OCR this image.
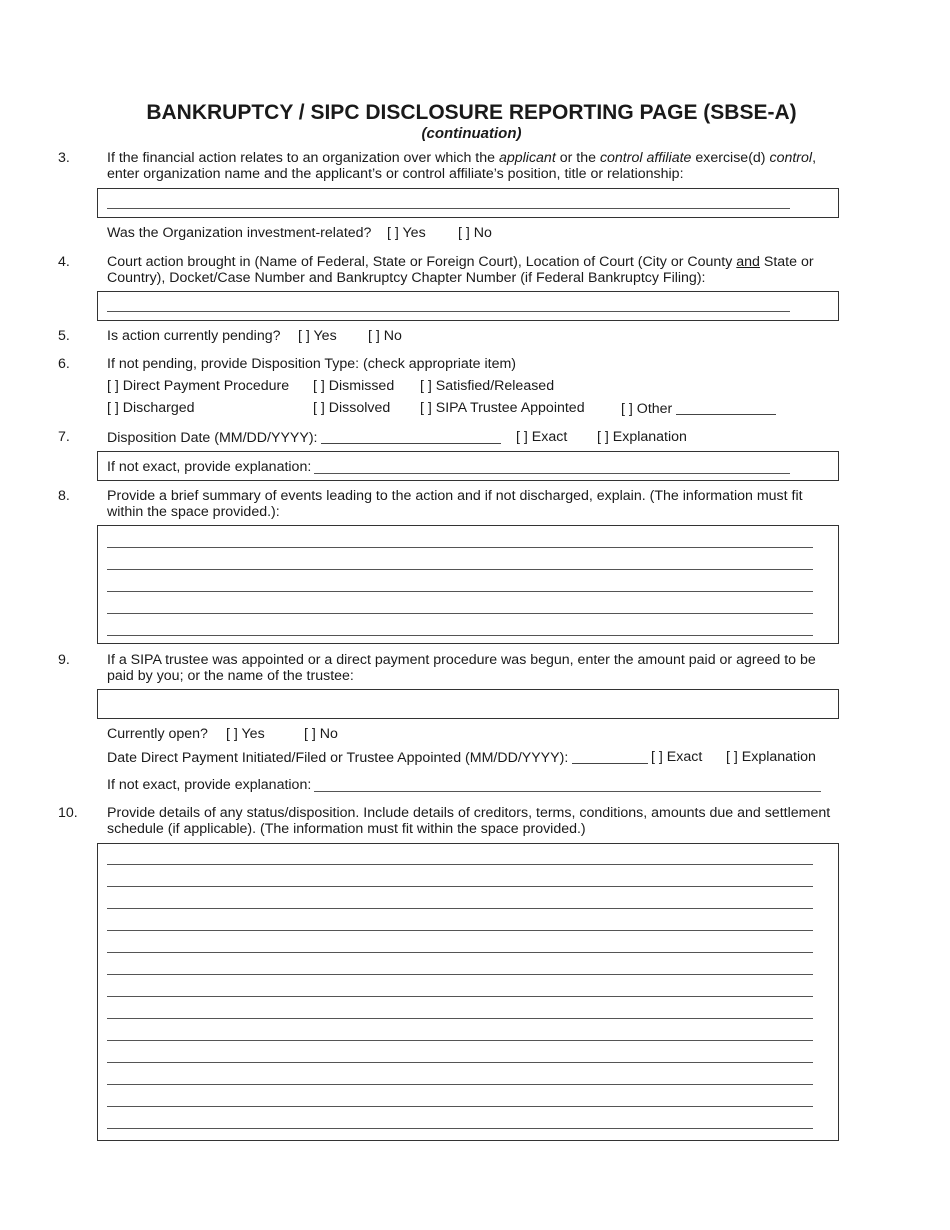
BANKRUPTCY / SIPC DISCLOSURE REPORTING PAGE (SBSE-A)
(continuation)
3.	If the financial action relates to an organization over which the applicant or the control affiliate exercise(d) control,
enter organization name and the applicant’s or control affiliate’s position, title or relationship:
Was the Organization investment-related? [ ] Yes [ ] No
4.	Court action brought in (Name of Federal, State or Foreign Court), Location of Court (City or County and State or
Country), Docket/Case Number and Bankruptcy Chapter Number (if Federal Bankruptcy Filing):
5.	Is action currently pending? [ ] Yes [ ] No
6.	If not pending, provide Disposition Type: (check appropriate item)
[ ] Direct Payment Procedure [ ] Dismissed [ ] Satisfied/Released
[ ] Discharged	[ ] Dissolved [ ] SIPA Trustee Appointed	[ ] Other
7.	Disposition Date (MM/DD/YYYY):	[ ] Exact [ ] Explanation
If not exact, provide explanation:
8.	Provide a brief summary of events leading to the action and if not discharged, explain. (The information must fit
within the space provided.):
9.	If a SIPA trustee was appointed or a direct payment procedure was begun, enter the amount paid or agreed to be
paid by you; or the name of the trustee:
Currently open? [ ] Yes	[ ] No
Date Direct Payment Initiated/Filed or Trustee Appointed (MM/DD/YYYY):	[ ] Exact [ ] Explanation
If not exact, provide explanation:
10. Provide details of any status/disposition. Include details of creditors, terms, conditions, amounts due and settlement
schedule (if applicable). (The information must fit within the space provided.)
